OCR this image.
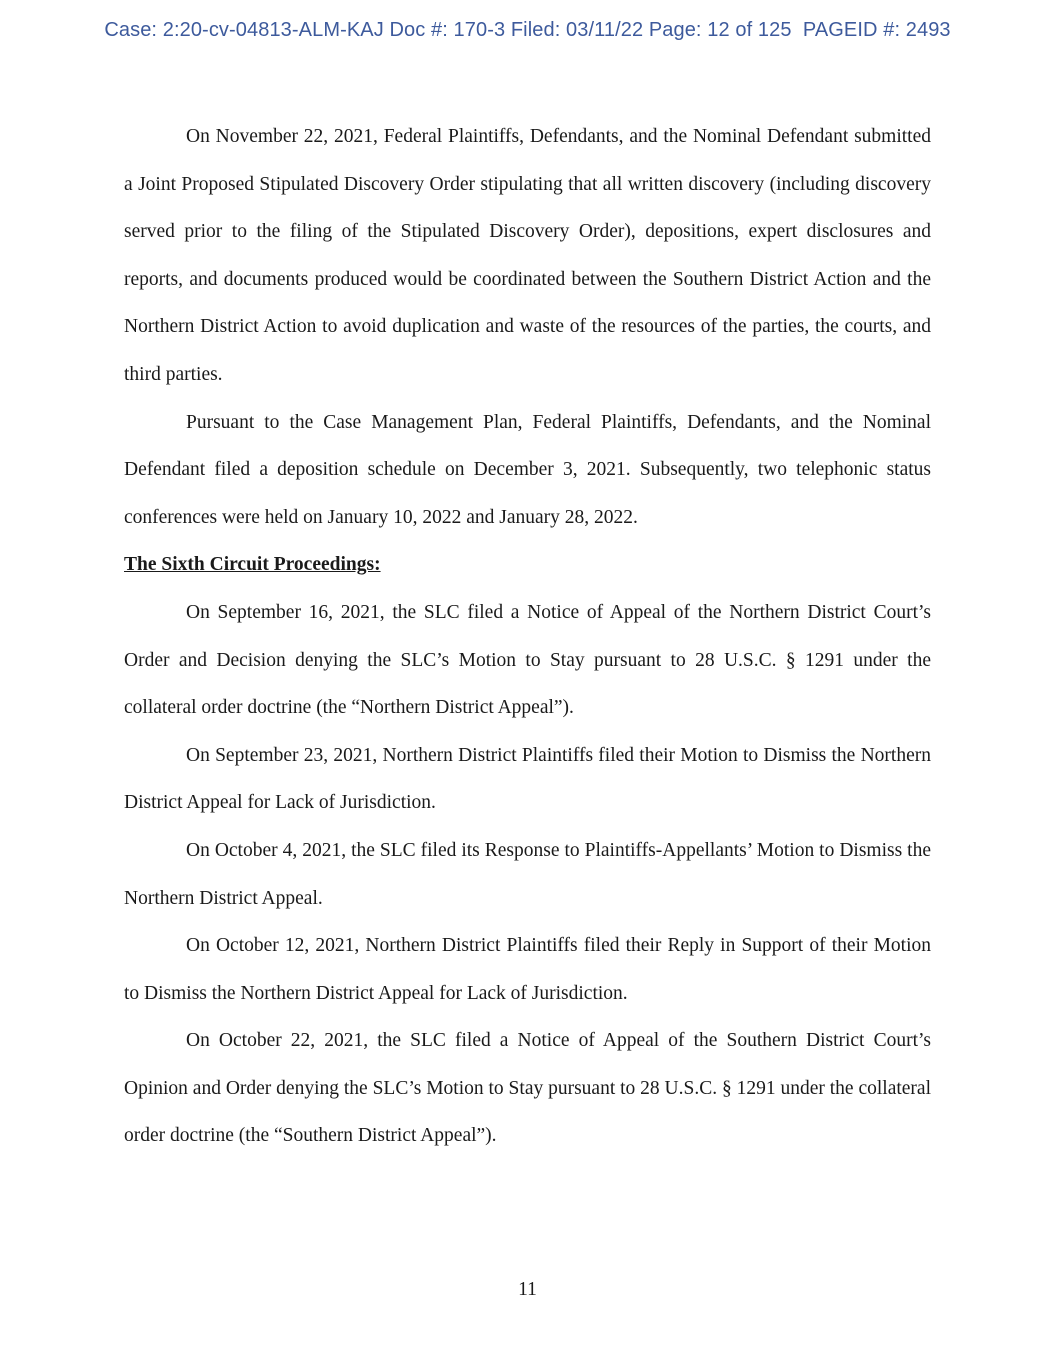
Case: 2:20-cv-04813-ALM-KAJ Doc #: 170-3 Filed: 03/11/22 Page: 12 of 125  PAGEID #: 2493

On November 22, 2021, Federal Plaintiffs, Defendants, and the Nominal Defendant submitted a Joint Proposed Stipulated Discovery Order stipulating that all written discovery (including discovery served prior to the filing of the Stipulated Discovery Order), depositions, expert disclosures and reports, and documents produced would be coordinated between the Southern District Action and the Northern District Action to avoid duplication and waste of the resources of the parties, the courts, and third parties.

Pursuant to the Case Management Plan, Federal Plaintiffs, Defendants, and the Nominal Defendant filed a deposition schedule on December 3, 2021. Subsequently, two telephonic status conferences were held on January 10, 2022 and January 28, 2022.

The Sixth Circuit Proceedings:

On September 16, 2021, the SLC filed a Notice of Appeal of the Northern District Court’s Order and Decision denying the SLC’s Motion to Stay pursuant to 28 U.S.C. § 1291 under the collateral order doctrine (the “Northern District Appeal”).

On September 23, 2021, Northern District Plaintiffs filed their Motion to Dismiss the Northern District Appeal for Lack of Jurisdiction.

On October 4, 2021, the SLC filed its Response to Plaintiffs-Appellants’ Motion to Dismiss the Northern District Appeal.

On October 12, 2021, Northern District Plaintiffs filed their Reply in Support of their Motion to Dismiss the Northern District Appeal for Lack of Jurisdiction.

On October 22, 2021, the SLC filed a Notice of Appeal of the Southern District Court’s Opinion and Order denying the SLC’s Motion to Stay pursuant to 28 U.S.C. § 1291 under the collateral order doctrine (the “Southern District Appeal”).

11
